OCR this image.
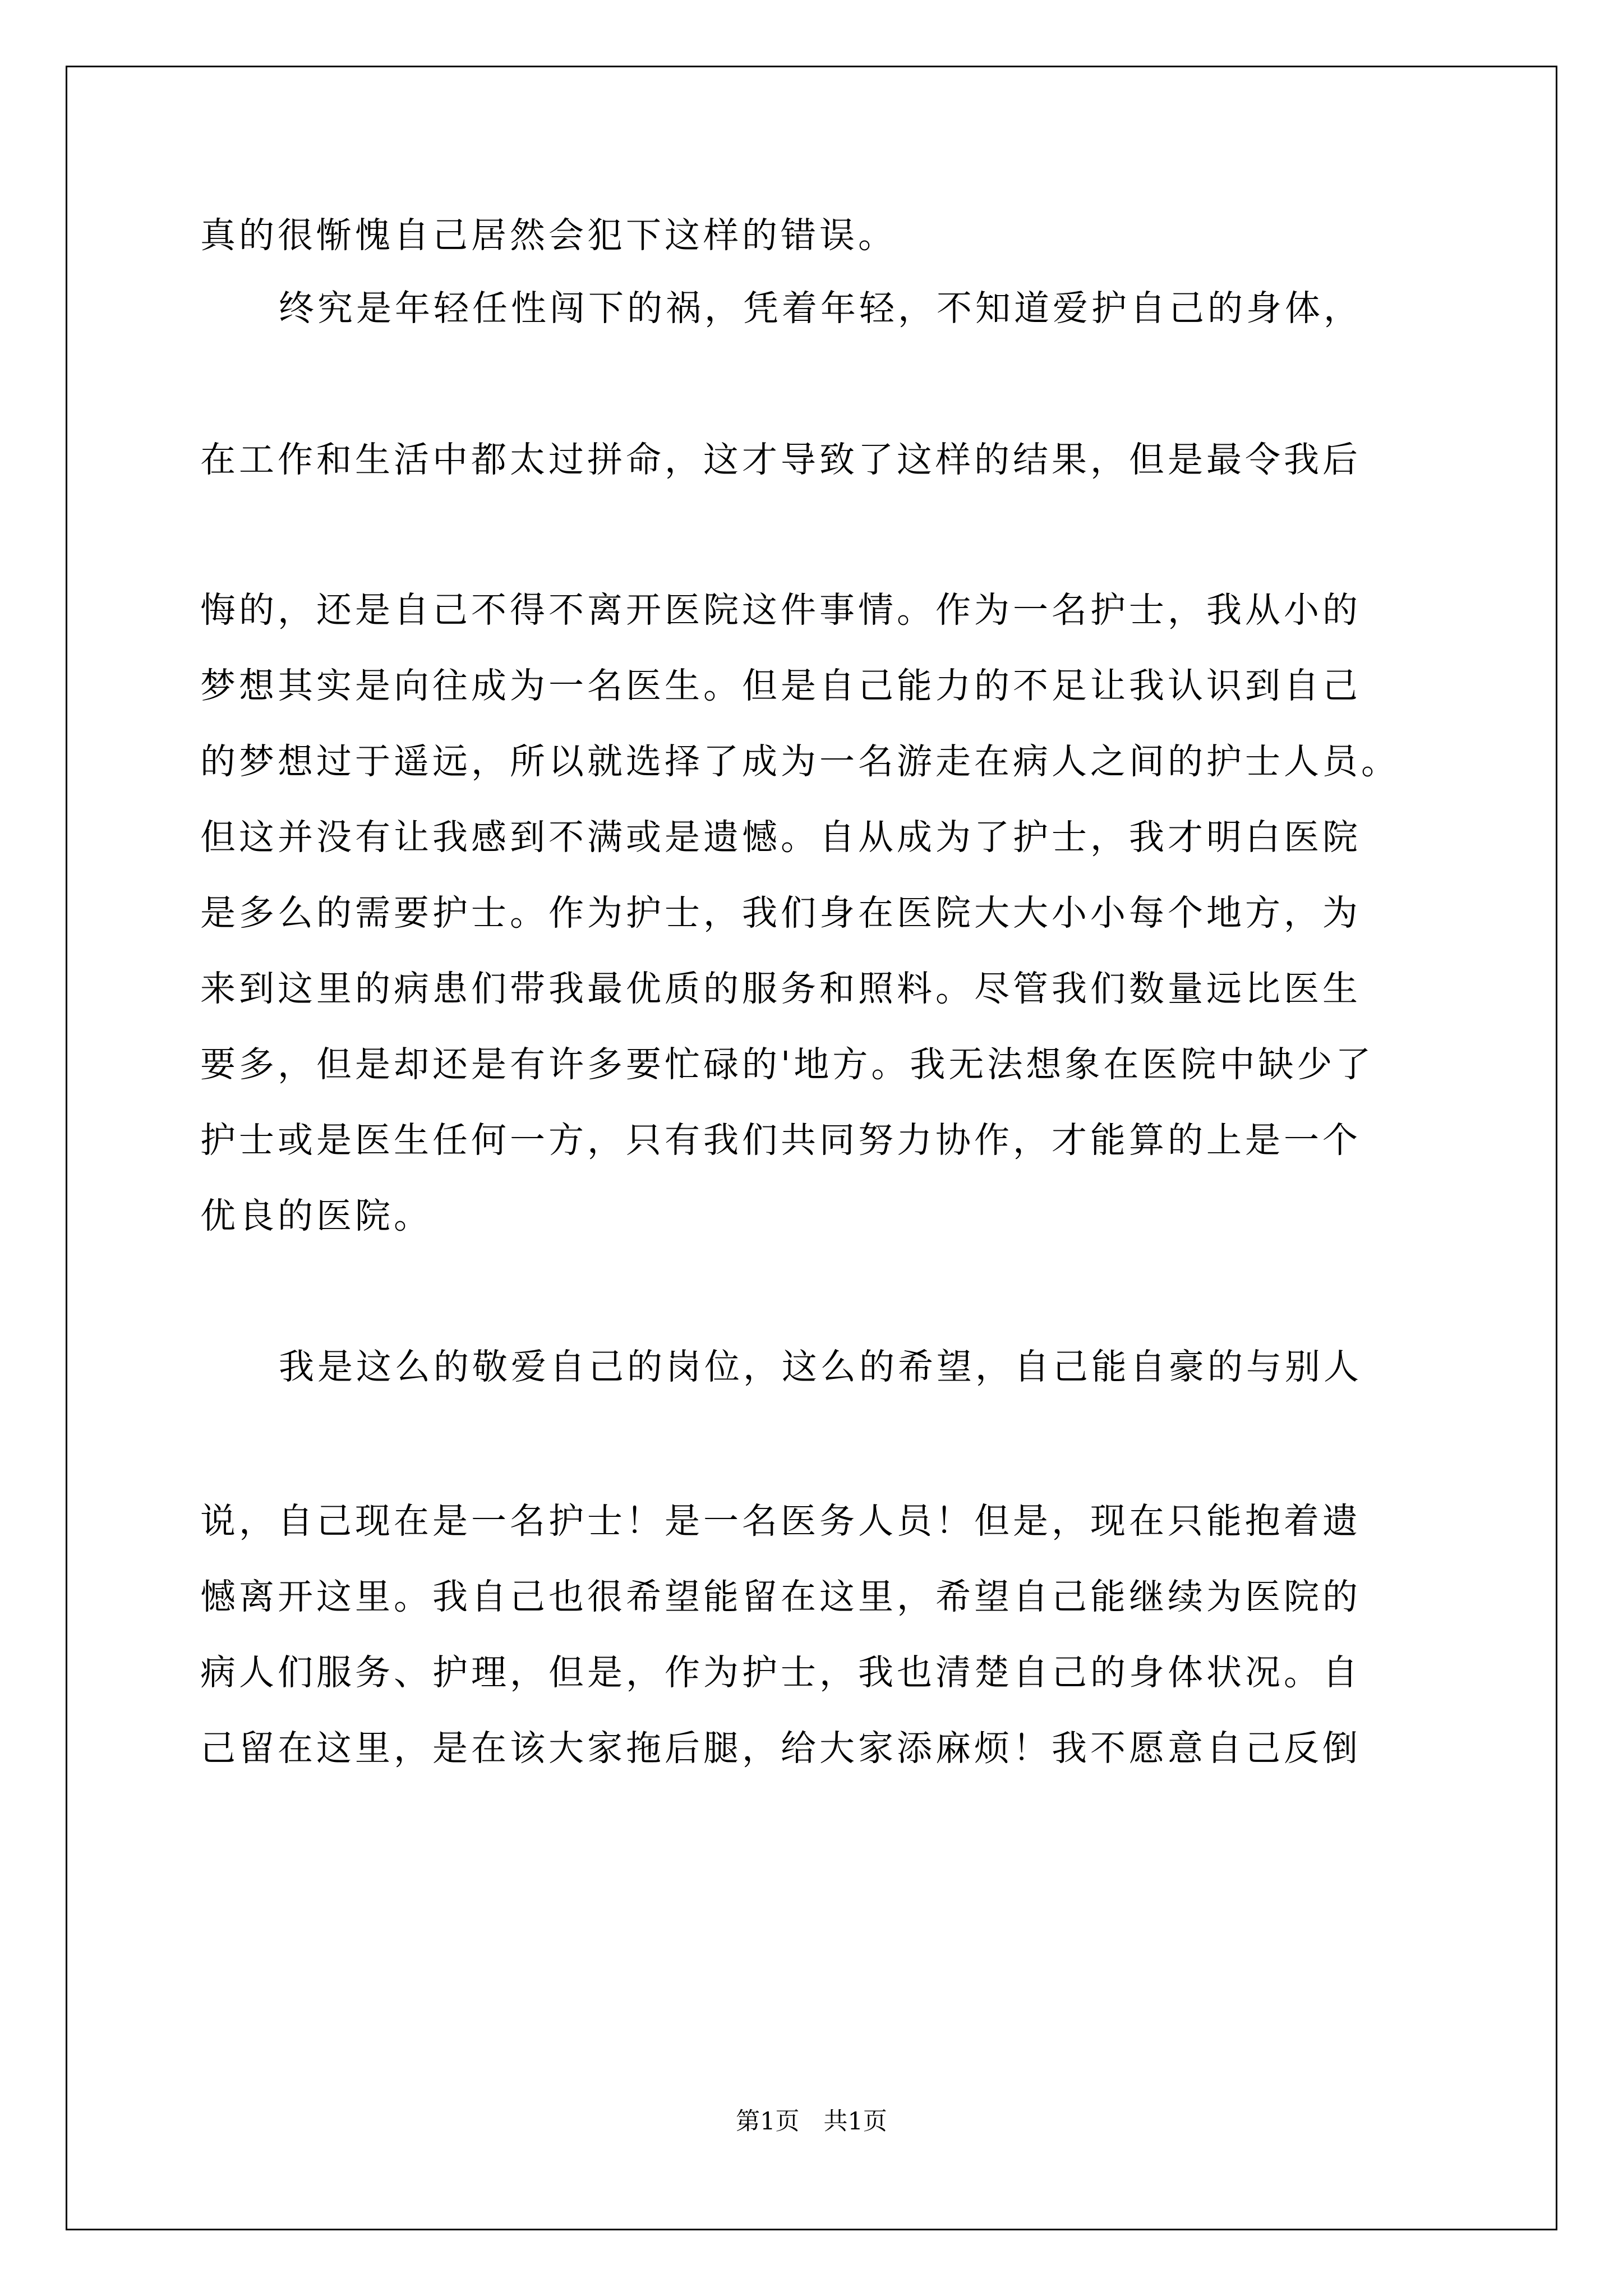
真的很惭愧自己居然会犯下这样的错误。
终究是年轻任性闯下的祸，凭着年轻，不知道爱护自己的身体，
在工作和生活中都太过拼命，这才导致了这样的结果，但是最令我后
悔的，还是自己不得不离开医院这件事情。作为一名护士，我从小的
梦想其实是向往成为一名医生。但是自己能力的不足让我认识到自己
的梦想过于遥远，所以就选择了成为一名游走在病人之间的护士人员。
但这并没有让我感到不满或是遗憾。自从成为了护士，我才明白医院
是多么的需要护士。作为护士，我们身在医院大大小小每个地方，为
来到这里的病患们带我最优质的服务和照料。尽管我们数量远比医生
要多，但是却还是有许多要忙碌的'地方。我无法想象在医院中缺少了
护士或是医生任何一方，只有我们共同努力协作，才能算的上是一个
优良的医院。
我是这么的敬爱自己的岗位，这么的希望，自己能自豪的与别人
说，自己现在是一名护士！是一名医务人员！但是，现在只能抱着遗
憾离开这里。我自己也很希望能留在这里，希望自己能继续为医院的
病人们服务、护理，但是，作为护士，我也清楚自己的身体状况。自
己留在这里，是在该大家拖后腿，给大家添麻烦！我不愿意自己反倒
第1页　共1页
